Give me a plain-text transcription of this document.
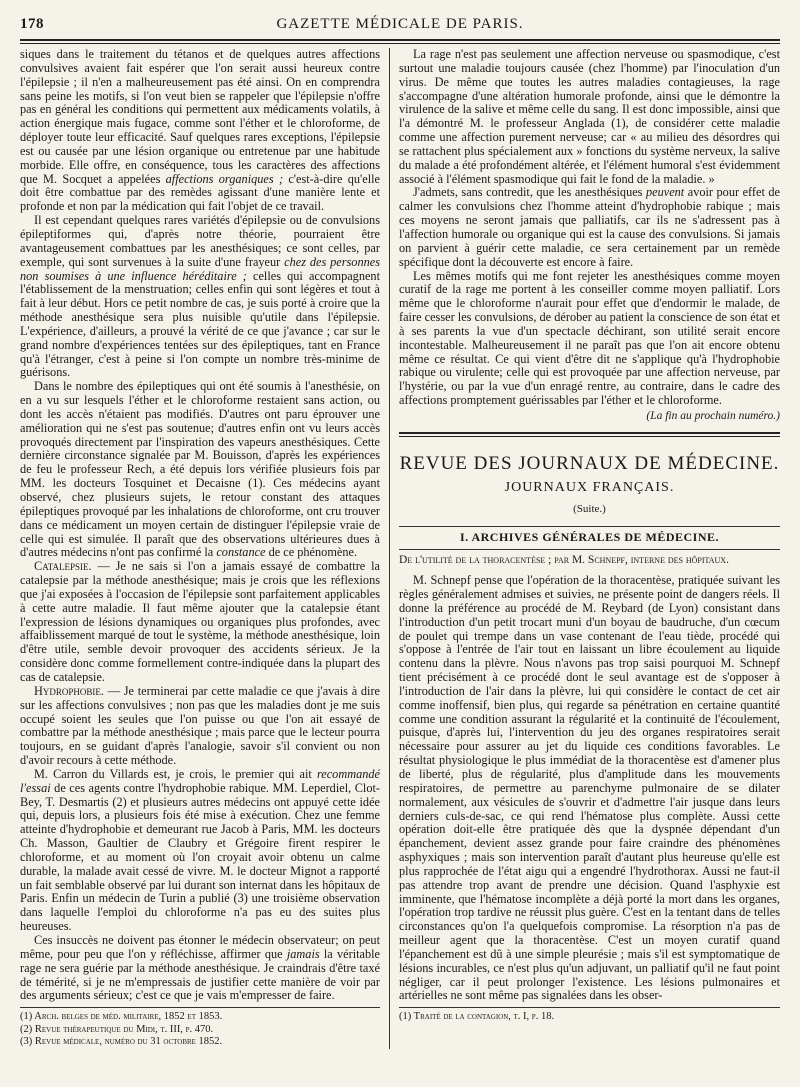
178	GAZETTE MÉDICALE DE PARIS.

siques dans le traitement du tétanos et de quelques autres affections convulsives avaient fait espérer que l'on serait aussi heureux contre l'épilepsie ; il n'en a malheureusement pas été ainsi. On en comprendra sans peine les motifs, si l'on veut bien se rappeler que l'épilepsie n'offre pas en général les conditions qui permettent aux médicaments volatils, à action énergique mais fugace, comme sont l'éther et le chloroforme, de déployer toute leur efficacité. Sauf quelques rares exceptions, l'épilepsie est ou causée par une lésion organique ou entretenue par une habitude morbide. Elle offre, en conséquence, tous les caractères des affections que M. Socquet a appelées affections organiques ; c'est-à-dire qu'elle doit être combattue par des remèdes agissant d'une manière lente et profonde et non par la médication qui fait l'objet de ce travail.

Il est cependant quelques rares variétés d'épilepsie ou de convulsions épileptiformes qui, d'après notre théorie, pourraient être avantageusement combattues par les anesthésiques; ce sont celles, par exemple, qui sont survenues à la suite d'une frayeur chez des personnes non soumises à une influence héréditaire ; celles qui accompagnent l'établissement de la menstruation; celles enfin qui sont légères et tout à fait à leur début. Hors ce petit nombre de cas, je suis porté à croire que la méthode anesthésique sera plus nuisible qu'utile dans l'épilepsie. L'expérience, d'ailleurs, a prouvé la vérité de ce que j'avance ; car sur le grand nombre d'expériences tentées sur des épileptiques, tant en France qu'à l'étranger, c'est à peine si l'on compte un nombre très-minime de guérisons.

Dans le nombre des épileptiques qui ont été soumis à l'anesthésie, on en a vu sur lesquels l'éther et le chloroforme restaient sans action, ou dont les accès n'étaient pas modifiés. D'autres ont paru éprouver une amélioration qui ne s'est pas soutenue; d'autres enfin ont vu leurs accès provoqués directement par l'inspiration des vapeurs anesthésiques. Cette dernière circonstance signalée par M. Bouisson, d'après les expériences de feu le professeur Rech, a été depuis lors vérifiée plusieurs fois par MM. les docteurs Tosquinet et Decaisne (1). Ces médecins ayant observé, chez plusieurs sujets, le retour constant des attaques épileptiques provoqué par les inhalations de chloroforme, ont cru trouver dans ce médicament un moyen certain de distinguer l'épilepsie vraie de celle qui est simulée. Il paraît que des observations ultérieures dues à d'autres médecins n'ont pas confirmé la constance de ce phénomène.

Catalepsie. — Je ne sais si l'on a jamais essayé de combattre la catalepsie par la méthode anesthésique; mais je crois que les réflexions que j'ai exposées à l'occasion de l'épilepsie sont parfaitement applicables à cette autre maladie. Il faut même ajouter que la catalepsie étant l'expression de lésions dynamiques ou organiques plus profondes, avec affaiblissement marqué de tout le système, la méthode anesthésique, loin d'être utile, semble devoir provoquer des accidents sérieux. Je la considère donc comme formellement contre-indiquée dans la plupart des cas de catalepsie.

Hydrophobie. — Je terminerai par cette maladie ce que j'avais à dire sur les affections convulsives ; non pas que les maladies dont je me suis occupé soient les seules que l'on puisse ou que l'on ait essayé de combattre par la méthode anesthésique ; mais parce que le lecteur pourra toujours, en se guidant d'après l'analogie, savoir s'il convient ou non d'avoir recours à cette méthode.

M. Carron du Villards est, je crois, le premier qui ait recommandé l'essai de ces agents contre l'hydrophobie rabique. MM. Leperdiel, Clot-Bey, T. Desmartis (2) et plusieurs autres médecins ont appuyé cette idée qui, depuis lors, a plusieurs fois été mise à exécution. Chez une femme atteinte d'hydrophobie et demeurant rue Jacob à Paris, MM. les docteurs Ch. Masson, Gaultier de Claubry et Grégoire firent respirer le chloroforme, et au moment où l'on croyait avoir obtenu un calme durable, la malade avait cessé de vivre. M. le docteur Mignot a rapporté un fait semblable observé par lui durant son internat dans les hôpitaux de Paris. Enfin un médecin de Turin a publié (3) une troisième observation dans laquelle l'emploi du chloroforme n'a pas eu des suites plus heureuses.

Ces insuccès ne doivent pas étonner le médecin observateur; on peut même, pour peu que l'on y réfléchisse, affirmer que jamais la véritable rage ne sera guérie par la méthode anesthésique. Je craindrais d'être taxé de témérité, si je ne m'empressais de justifier cette manière de voir par des arguments sérieux; c'est ce que je vais m'empresser de faire.

(1) Arch. belges de méd. militaire, 1852 et 1853.
(2) Revue thérapeutique du Midi, t. III, p. 470.
(3) Revue médicale, numéro du 31 octobre 1852.

La rage n'est pas seulement une affection nerveuse ou spasmodique, c'est surtout une maladie toujours causée (chez l'homme) par l'inoculation d'un virus. De même que toutes les autres maladies contagieuses, la rage s'accompagne d'une altération humorale profonde, ainsi que le démontre la virulence de la salive et même celle du sang. Il est donc impossible, ainsi que l'a démontré M. le professeur Anglada (1), de considérer cette maladie comme une affection purement nerveuse; car « au milieu des désordres qui se rattachent plus spécialement aux » fonctions du système nerveux, la salive du malade a été profondément altérée, et l'élément humoral s'est évidemment associé à l'élément spasmodique qui fait le fond de la maladie. »

J'admets, sans contredit, que les anesthésiques peuvent avoir pour effet de calmer les convulsions chez l'homme atteint d'hydrophobie rabique ; mais ces moyens ne seront jamais que palliatifs, car ils ne s'adressent pas à l'affection humorale ou organique qui est la cause des convulsions. Si jamais on parvient à guérir cette maladie, ce sera certainement par un remède spécifique dont la découverte est encore à faire.

Les mêmes motifs qui me font rejeter les anesthésiques comme moyen curatif de la rage me portent à les conseiller comme moyen palliatif. Lors même que le chloroforme n'aurait pour effet que d'endormir le malade, de faire cesser les convulsions, de dérober au patient la conscience de son état et à ses parents la vue d'un spectacle déchirant, son utilité serait encore incontestable. Malheureusement il ne paraît pas que l'on ait encore obtenu même ce résultat. Ce qui vient d'être dit ne s'applique qu'à l'hydrophobie rabique ou virulente; celle qui est provoquée par une affection nerveuse, par l'hystérie, ou par la vue d'un enragé rentre, au contraire, dans le cadre des affections promptement guérissables par l'éther et le chloroforme.

(La fin au prochain numéro.)
REVUE DES JOURNAUX DE MÉDECINE.
JOURNAUX FRANÇAIS.
(Suite.)
I. ARCHIVES GÉNÉRALES DE MÉDECINE.
De l'utilité de la thoracentèse ; par M. Schnepf, interne des hôpitaux.

M. Schnepf pense que l'opération de la thoracentèse, pratiquée suivant les règles généralement admises et suivies, ne présente point de dangers réels. Il donne la préférence au procédé de M. Reybard (de Lyon) consistant dans l'introduction d'un petit trocart muni d'un boyau de baudruche, d'un cœcum de poulet qui trempe dans un vase contenant de l'eau tiède, procédé qui s'oppose à l'entrée de l'air tout en laissant un libre écoulement au liquide contenu dans la plèvre. Nous n'avons pas trop saisi pourquoi M. Schnepf tient précisément à ce procédé dont le seul avantage est de s'opposer à l'introduction de l'air dans la plèvre, lui qui considère le contact de cet air comme inoffensif, bien plus, qui regarde sa pénétration en certaine quantité comme une condition assurant la régularité et la continuité de l'écoulement, puisque, d'après lui, l'intervention du jeu des organes respiratoires serait nécessaire pour assurer au jet du liquide ces conditions favorables. Le résultat physiologique le plus immédiat de la thoracentèse est d'amener plus de liberté, plus de régularité, plus d'amplitude dans les mouvements respiratoires, de permettre au parenchyme pulmonaire de se dilater normalement, aux vésicules de s'ouvrir et d'admettre l'air jusque dans leurs derniers culs-de-sac, ce qui rend l'hématose plus complète. Aussi cette opération doit-elle être pratiquée dès que la dyspnée dépendant d'un épanchement, devient assez grande pour faire craindre des phénomènes asphyxiques ; mais son intervention paraît d'autant plus heureuse qu'elle est plus rapprochée de l'état aigu qui a engendré l'hydrothorax. Aussi ne faut-il pas attendre trop avant de prendre une décision. Quand l'asphyxie est imminente, que l'hématose incomplète a déjà porté la mort dans les organes, l'opération trop tardive ne réussit plus guère. C'est en la tentant dans de telles circonstances qu'on l'a quelquefois compromise. La résorption n'a pas de meilleur agent que la thoracentèse. C'est un moyen curatif quand l'épanchement est dû à une simple pleurésie ; mais s'il est symptomatique de lésions incurables, ce n'est plus qu'un adjuvant, un palliatif qu'il ne faut point négliger, car il peut prolonger l'existence. Les lésions pulmonaires et artérielles ne sont même pas signalées dans les obser-

(1) Traité de la contagion, t. I, p. 18.
